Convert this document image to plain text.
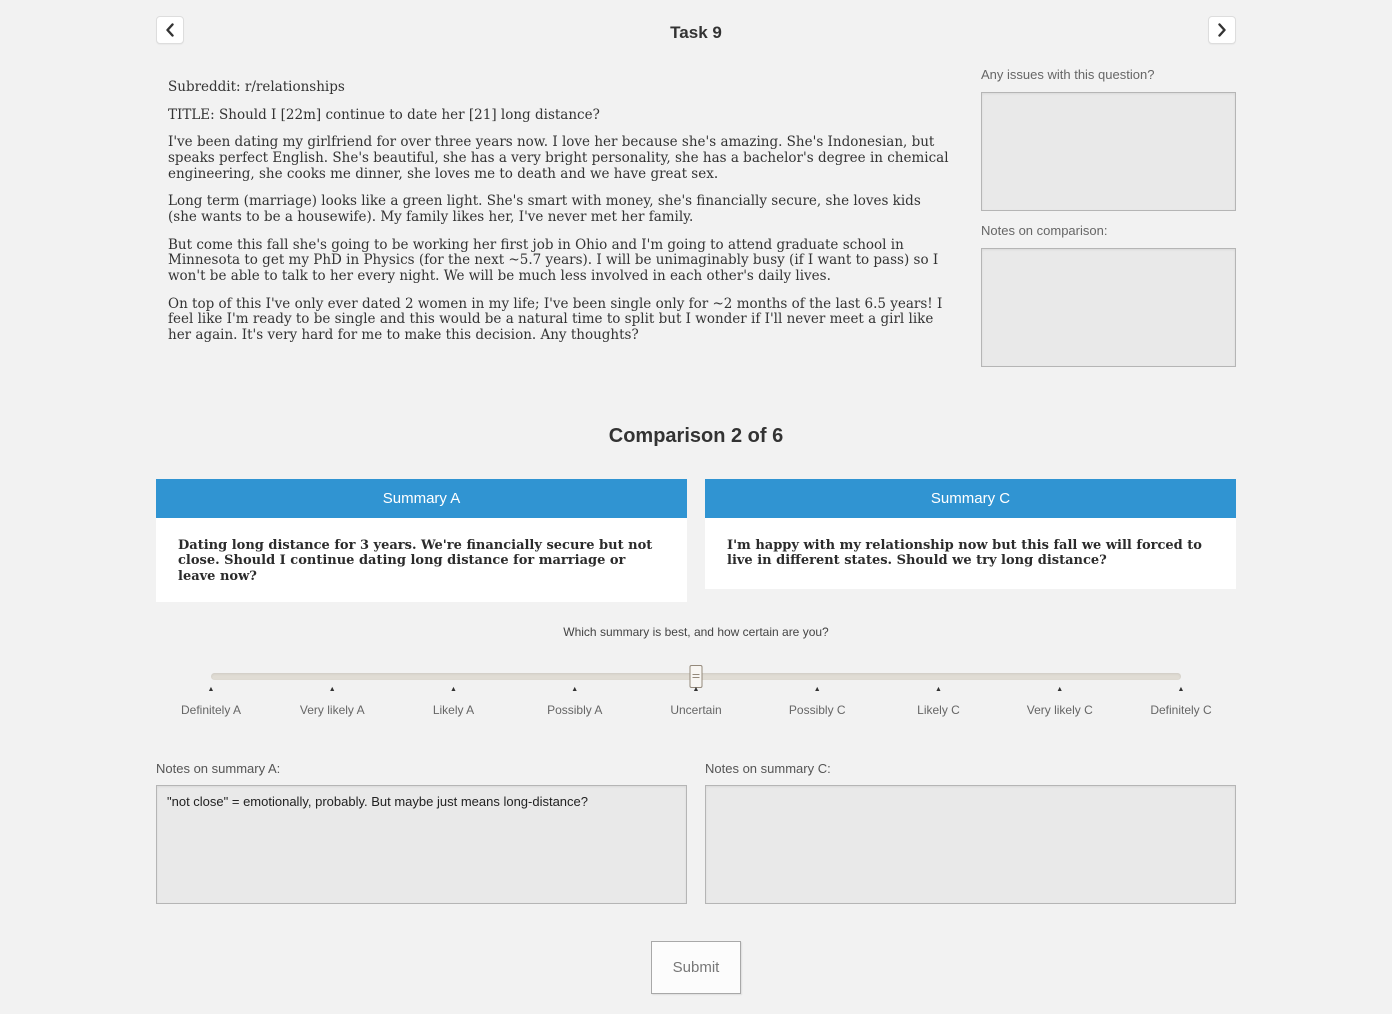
Task 9

Subreddit: r/relationships

TITLE: Should I [22m] continue to date her [21] long distance?

I've been dating my girlfriend for over three years now. I love her because she's amazing. She's Indonesian, but speaks perfect English. She's beautiful, she has a very bright personality, she has a bachelor's degree in chemical engineering, she cooks me dinner, she loves me to death and we have great sex.

Long term (marriage) looks like a green light. She's smart with money, she's financially secure, she loves kids (she wants to be a housewife). My family likes her, I've never met her family.

But come this fall she's going to be working her first job in Ohio and I'm going to attend graduate school in Minnesota to get my PhD in Physics (for the next ~5.7 years). I will be unimaginably busy (if I want to pass) so I won't be able to talk to her every night. We will be much less involved in each other's daily lives.

On top of this I've only ever dated 2 women in my life; I've been single only for ~2 months of the last 6.5 years! I feel like I'm ready to be single and this would be a natural time to split but I wonder if I'll never meet a girl like her again. It's very hard for me to make this decision. Any thoughts?

Any issues with this question?
Notes on comparison:
Comparison 2 of 6
Summary A
Dating long distance for 3 years. We're financially secure but not close. Should I continue dating long distance for marriage or leave now?
Summary C
I'm happy with my relationship now but this fall we will forced to live in different states. Should we try long distance?
Which summary is best, and how certain are you?
▲
Definitely A
▲
Very likely A
▲
Likely A
▲
Possibly A
▲
Uncertain
▲
Possibly C
▲
Likely C
▲
Very likely C
▲
Definitely C
Notes on summary A:
"not close" = emotionally, probably. But maybe just means long-distance?	Notes on summary C:
Submit
